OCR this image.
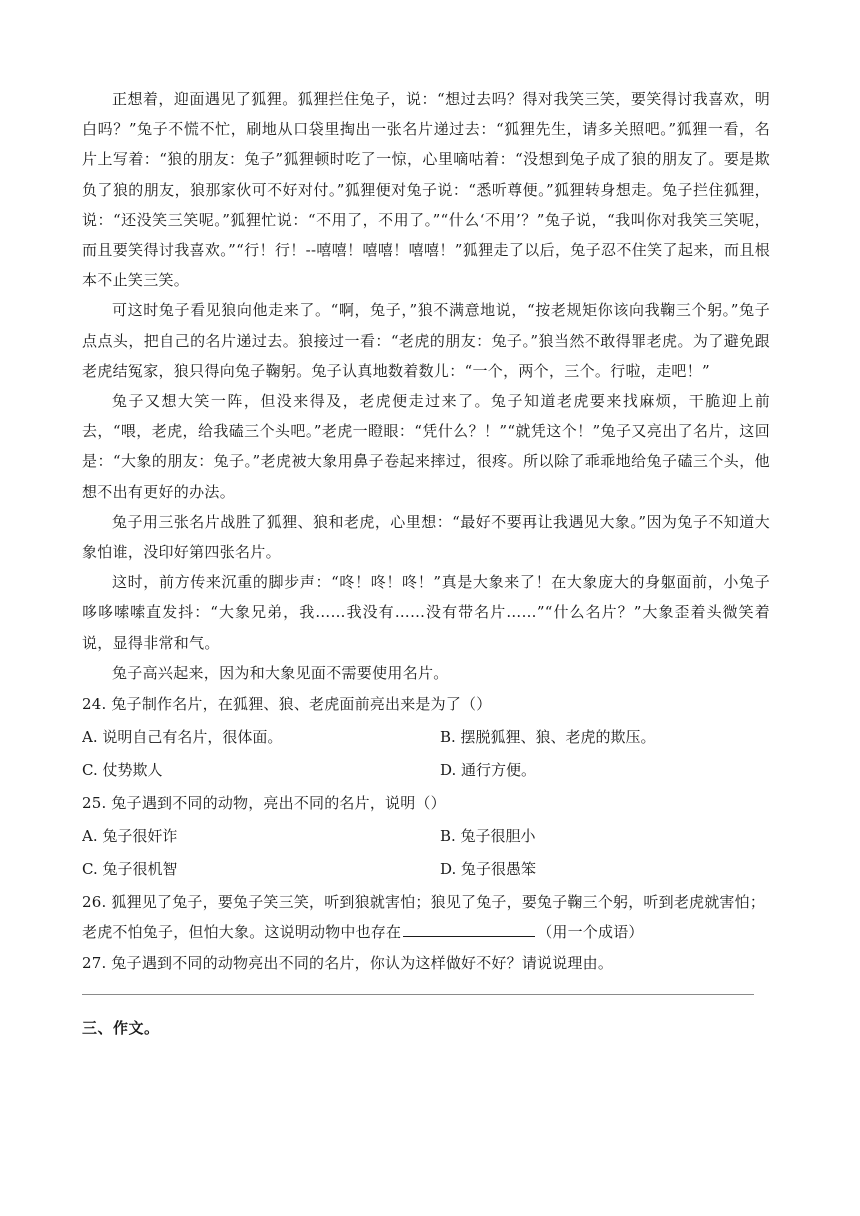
正想着，迎面遇见了狐狸。狐狸拦住兔子，说：“想过去吗？得对我笑三笑，要笑得讨我喜欢，明白吗？”兔子不慌不忙，刷地从口袋里掏出一张名片递过去：“狐狸先生，请多关照吧。”狐狸一看，名片上写着：“狼的朋友：兔子”狐狸顿时吃了一惊，心里嘀咕着：“没想到兔子成了狼的朋友了。要是欺负了狼的朋友，狼那家伙可不好对付。”狐狸便对兔子说：“悉听尊便。”狐狸转身想走。兔子拦住狐狸，说：“还没笑三笑呢。”狐狸忙说：“不用了，不用了。”“什么‘不用’？”兔子说，“我叫你对我笑三笑呢，而且要笑得讨我喜欢。”“行！行！--嘻嘻！嘻嘻！嘻嘻！”狐狸走了以后，兔子忍不住笑了起来，而且根本不止笑三笑。

可这时兔子看见狼向他走来了。“啊，兔子，”狼不满意地说，“按老规矩你该向我鞠三个躬。”兔子点点头，把自己的名片递过去。狼接过一看：“老虎的朋友：兔子。”狼当然不敢得罪老虎。为了避免跟老虎结冤家，狼只得向兔子鞠躬。兔子认真地数着数儿：“一个，两个，三个。行啦，走吧！”

兔子又想大笑一阵，但没来得及，老虎便走过来了。兔子知道老虎要来找麻烦，干脆迎上前去，“喂，老虎，给我磕三个头吧。”老虎一瞪眼：“凭什么？！”“就凭这个！”兔子又亮出了名片，这回是：“大象的朋友：兔子。”老虎被大象用鼻子卷起来摔过，很疼。所以除了乖乖地给兔子磕三个头，他想不出有更好的办法。

兔子用三张名片战胜了狐狸、狼和老虎，心里想：“最好不要再让我遇见大象。”因为兔子不知道大象怕谁，没印好第四张名片。

这时，前方传来沉重的脚步声：“咚！咚！咚！”真是大象来了！在大象庞大的身躯面前，小兔子哆哆嗦嗦直发抖：“大象兄弟，我……我没有……没有带名片……”“什么名片？”大象歪着头微笑着说，显得非常和气。

兔子高兴起来，因为和大象见面不需要使用名片。

24. 兔子制作名片，在狐狸、狼、老虎面前亮出来是为了（）

A. 说明自己有名片，很体面。	B. 摆脱狐狸、狼、老虎的欺压。
C. 仗势欺人	D. 通行方便。

25. 兔子遇到不同的动物，亮出不同的名片，说明（）

A. 兔子很奸诈	B. 兔子很胆小
C. 兔子很机智	D. 兔子很愚笨

26. 狐狸见了兔子，要兔子笑三笑，听到狼就害怕；狼见了兔子，要兔子鞠三个躬，听到老虎就害怕；老虎不怕兔子，但怕大象。这说明动物中也存在	（用一个成语）

27. 兔子遇到不同的动物亮出不同的名片，你认为这样做好不好？请说说理由。

三、作文。
